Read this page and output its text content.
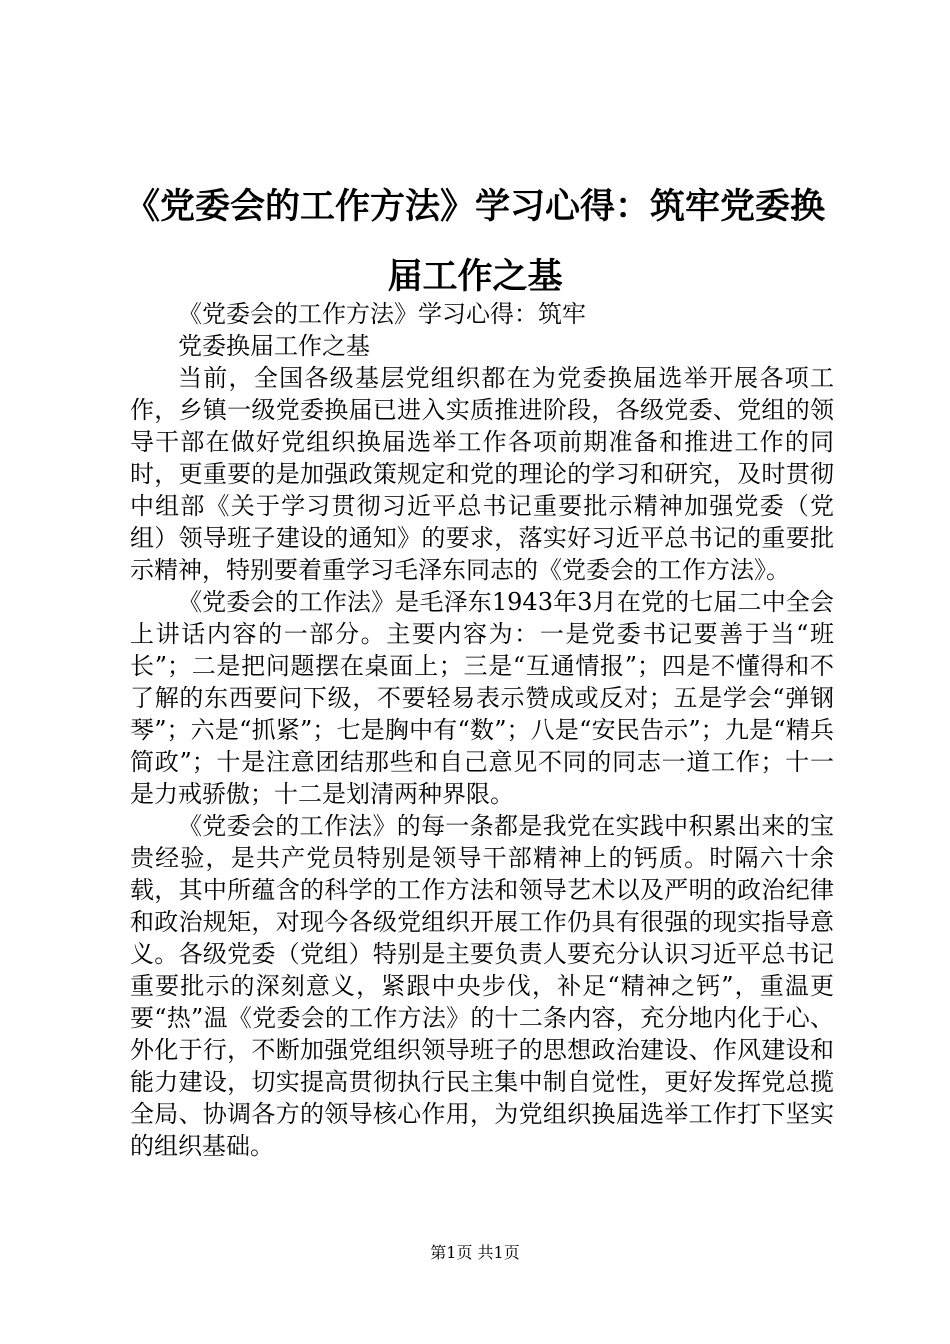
《党委会的工作方法》学习心得：筑牢党委换届工作之基

《党委会的工作方法》学习心得：筑牢

党委换届工作之基

当前，全国各级基层党组织都在为党委换届选举开展各项工作，乡镇一级党委换届已进入实质推进阶段，各级党委、党组的领导干部在做好党组织换届选举工作各项前期准备和推进工作的同时，更重要的是加强政策规定和党的理论的学习和研究，及时贯彻中组部《关于学习贯彻习近平总书记重要批示精神加强党委（党组）领导班子建设的通知》的要求，落实好习近平总书记的重要批示精神，特别要着重学习毛泽东同志的《党委会的工作方法》。

《党委会的工作法》是毛泽东1943年3月在党的七届二中全会上讲话内容的一部分。主要内容为：一是党委书记要善于当“班长”；二是把问题摆在桌面上；三是“互通情报”；四是不懂得和不了解的东西要问下级，不要轻易表示赞成或反对；五是学会“弹钢琴”；六是“抓紧”；七是胸中有“数”；八是“安民告示”；九是“精兵简政”；十是注意团结那些和自己意见不同的同志一道工作；十一是力戒骄傲；十二是划清两种界限。

《党委会的工作法》的每一条都是我党在实践中积累出来的宝贵经验，是共产党员特别是领导干部精神上的钙质。时隔六十余载，其中所蕴含的科学的工作方法和领导艺术以及严明的政治纪律和政治规矩，对现今各级党组织开展工作仍具有很强的现实指导意义。各级党委（党组）特别是主要负责人要充分认识习近平总书记重要批示的深刻意义，紧跟中央步伐，补足“精神之钙”，重温更要“热”温《党委会的工作方法》的十二条内容，充分地内化于心、外化于行，不断加强党组织领导班子的思想政治建设、作风建设和能力建设，切实提高贯彻执行民主集中制自觉性，更好发挥党总揽全局、协调各方的领导核心作用，为党组织换届选举工作打下坚实的组织基础。

第1页 共1页
